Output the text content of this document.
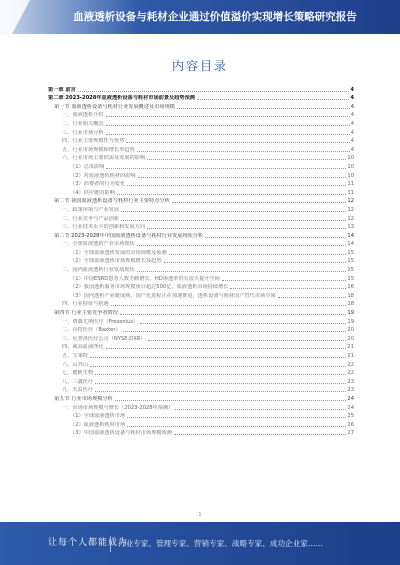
血液透析设备与耗材企业通过价值溢价实现增长策略研究报告
内容目录
第一章 前言	4
第二章 2023-2028年血液透析设备与耗材市场前景及趋势预测	4
第一节 血液透析设备与耗材行业发展概述及市场规模	4
一、血液透析介绍	4
二、行业相关概念	4
三、行业市场分析	4
四、行业主要规模性与优势	4
五、行业市场规模和增长率趋势	4
六、行业市场主要供需及发展的影响	10
（1）总体影响	10
（2）对血液透析耗材的影响	10
（3）消费者的行为变化	11
（4）供应链的影响	11
第二节 我国血液透析设备与耗材行业主要特点分析	12
一、政策环境与产业发展	12
二、行业竞争与产品创新	12
三、行业技术水平的创新和发展方向	13
第三节 2023-2028年中国血液透析设备与耗材行业发展现状分析	14
一、全球血液透析产业市场现状	14
（1）全球血液透析发展的市场规模及预测	15
（2）全球血液透析市场规模增长及趋势	15
二、国内血液透析行业发展现状	15
（1）中国ESRD患者人数不断增长，HD渗透率仍有很大提升空间	15
（2）我国透析服务市场规模预计超过500亿，血液透析市场持续增长	16
（3）国内透析产业链成熟，国产化进程正在加速推进，透析设备与耗材国产替代市场空间	18
四、行业特征与机遇	18
第四节 行业主要竞争者情况	19
一、费森尤斯医疗（Fresenius）	19
二、百特医疗（Baxter）	20
三、尼普洛医疗公司（NYSE:DXR）	20
四、威高血液净化	21
五、宝莱特	21
六、山外山	22
七、健帆生物	22
八、三鑫医疗	23
九、天益医疗	23
第五节 行业市场规模分析	24
一、市场市场规模与增长（2023-2028年预测）	24
（1）全球血液透析市场	25
（2）血液透析耗材市场	26
（3）中国血液透析设备与耗材市场规模预测	27
1
让每个人都能成为
行业专家、管理专家、营销专家、战略专家、成功企业家……
